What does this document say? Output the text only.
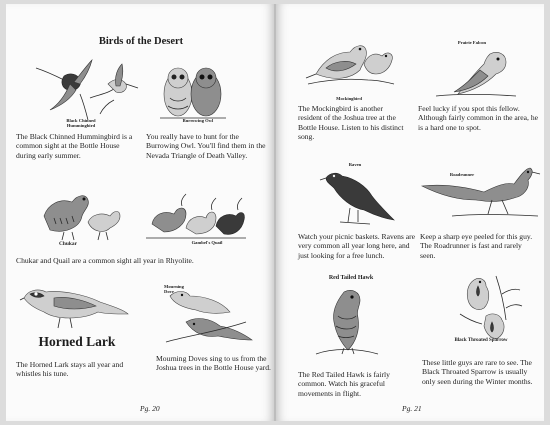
Birds of the Desert
Black Chinned
Hummingbird
Burrowing Owl
The Black Chinned Hummingbird is a common sight at the Bottle House during early summer.
You really have to hunt for the Burrowing Owl. You'll find them in the Nevada Triangle of Death Valley.
Chukar	Gambel's Quail
Chukar and Quail are a common sight all year in Rhyolite.
Horned Lark
Mourning
Dove
The Horned Lark stays all year and whistles his tune.
Mourning Doves sing to us from the Joshua trees in the Bottle House yard.
Pg. 20
Mockingbird
Prairie Falcon
The Mockingbird is another resident of the Joshua tree at the Bottle House. Listen to his distinct song.
Feel lucky if you spot this fellow. Although fairly common in the area, he is a hard one to spot.
Raven
Roadrunner
Watch your picnic baskets. Ravens are very common all year long here, and just looking for a free lunch.
Keep a sharp eye peeled for this guy. The Roadrunner is fast and rarely seen.
Red Tailed Hawk
Black Throated Sparrow
The Red Tailed Hawk is fairly common. Watch his graceful movements in flight.
These little guys are rare to see. The Black Throated Sparrow is usually only seen during the Winter months.
Pg. 21
